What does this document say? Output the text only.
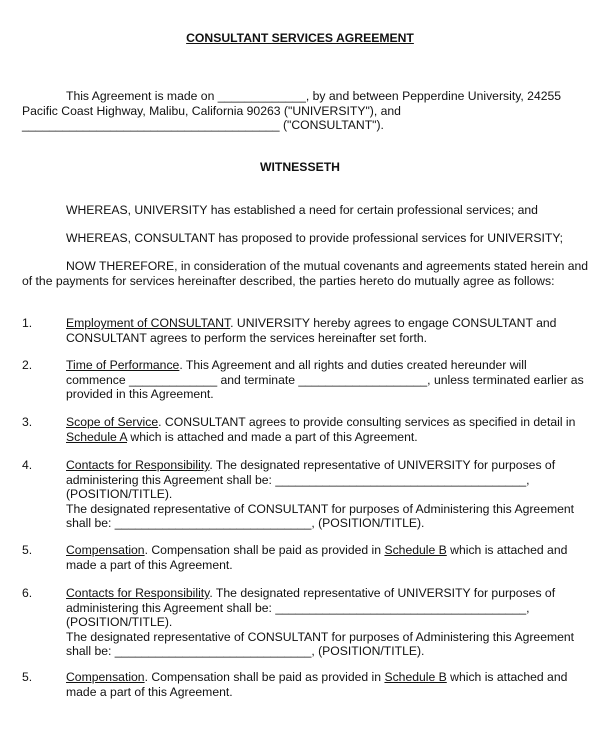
CONSULTANT SERVICES AGREEMENT
This Agreement is made on _____________, by and between Pepperdine University, 24255
Pacific Coast Highway, Malibu, California 90263 ("UNIVERSITY"), and
______________________________________ ("CONSULTANT").
WITNESSETH
WHEREAS, UNIVERSITY has established a need for certain professional services; and
WHEREAS, CONSULTANT has proposed to provide professional services for UNIVERSITY;
NOW THEREFORE, in consideration of the mutual covenants and agreements stated herein and
of the payments for services hereinafter described, the parties hereto do mutually agree as follows:
1.	Employment of CONSULTANT. UNIVERSITY hereby agrees to engage CONSULTANT and
CONSULTANT agrees to perform the services hereinafter set forth.
2.	Time of Performance. This Agreement and all rights and duties created hereunder will
commence _____________ and terminate ___________________, unless terminated earlier as
provided in this Agreement.
3.	Scope of Service. CONSULTANT agrees to provide consulting services as specified in detail in
Schedule A which is attached and made a part of this Agreement.
4.	Contacts for Responsibility. The designated representative of UNIVERSITY for purposes of
administering this Agreement shall be: _____________________________________,
(POSITION/TITLE).
The designated representative of CONSULTANT for purposes of Administering this Agreement
shall be: _____________________________, (POSITION/TITLE).
5.	Compensation. Compensation shall be paid as provided in Schedule B which is attached and
made a part of this Agreement.
6.	Contacts for Responsibility. The designated representative of UNIVERSITY for purposes of
administering this Agreement shall be: _____________________________________,
(POSITION/TITLE).
The designated representative of CONSULTANT for purposes of Administering this Agreement
shall be: _____________________________, (POSITION/TITLE).
5.	Compensation. Compensation shall be paid as provided in Schedule B which is attached and
made a part of this Agreement.
